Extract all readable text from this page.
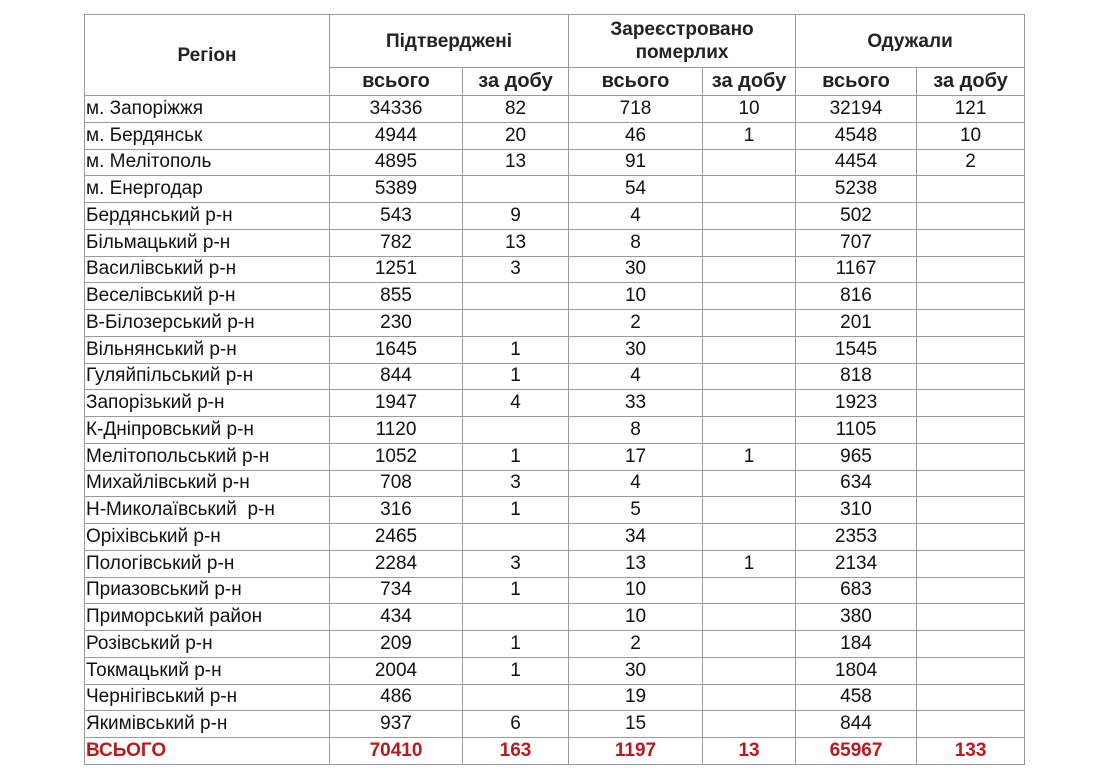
Регіон	Підтверджені		Зареєстровано померлих		Одужали	
	всього	за добу	всього	за добу	всього	за добу
м. Запоріжжя	34336	82	718	10	32194	121
м. Бердянськ	4944	20	46	1	4548	10
м. Мелітополь	4895	13	91		4454	2
м. Енергодар	5389		54		5238	
Бердянський р-н	543	9	4		502	
Більмацький р-н	782	13	8		707	
Василівський р-н	1251	3	30		1167	
Веселівський р-н	855		10		816	
В-Білозерський р-н	230		2		201	
Вільнянський р-н	1645	1	30		1545	
Гуляйпільський р-н	844	1	4		818	
Запорізький р-н	1947	4	33		1923	
К-Дніпровський р-н	1120		8		1105	
Мелітопольський р-н	1052	1	17	1	965	
Михайлівський р-н	708	3	4		634	
Н-Миколаївський  р-н	316	1	5		310	
Оріхівський р-н	2465		34		2353	
Пологівський р-н	2284	3	13	1	2134	
Приазовський р-н	734	1	10		683	
Приморський район	434		10		380	
Розівський р-н	209	1	2		184	
Токмацький р-н	2004	1	30		1804	
Чернігівський р-н	486		19		458	
Якимівський р-н	937	6	15		844	
ВСЬОГО	70410	163	1197	13	65967	133
